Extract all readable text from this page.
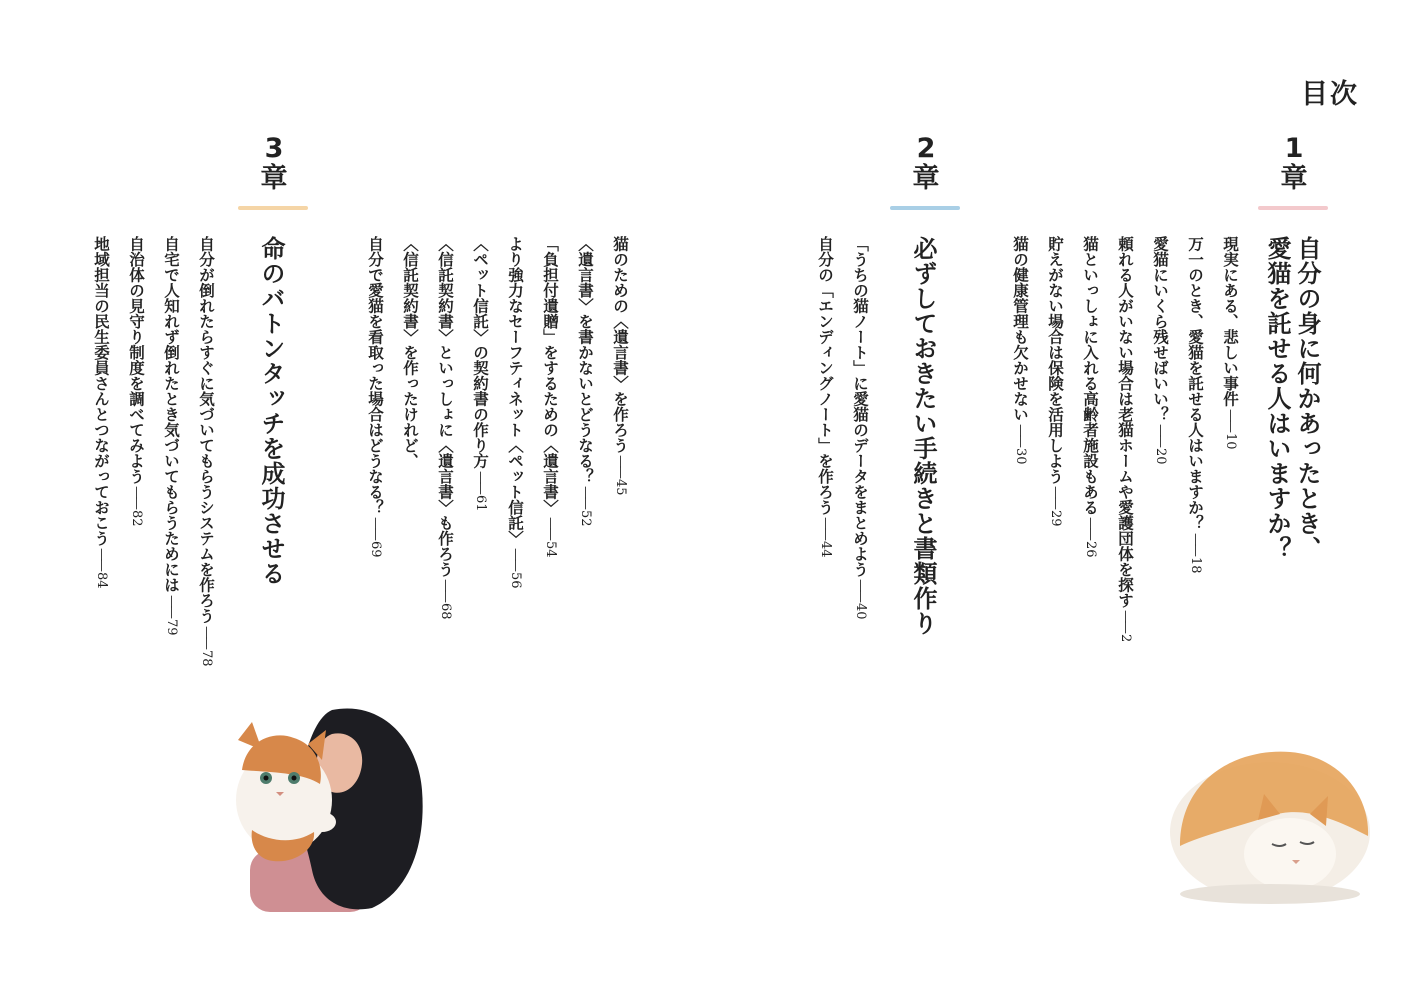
目次
1
章
自分の身に何かあったとき、
愛猫を託せる人はいますか？
現実にある、悲しい事件—— 10
万一のとき、愛猫を託せる人はいますか？—— 18
愛猫にいくら残せばいい？—— 20
頼れる人がいない場合は老猫ホームや愛護団体を探す—— 2
猫といっしょに入れる高齢者施設もある—— 26
貯えがない場合は保険を活用しよう—— 29
猫の健康管理も欠かせない—— 30
2
章
必ずしておきたい手続きと書類作り
「うちの猫ノート」に愛猫のデータをまとめよう—— 40
自分の「エンディングノート」を作ろう—— 44
猫のための〈遺言書〉を作ろう—— 45
〈遺言書〉を書かないとどうなる？—— 52
「負担付遺贈」をするための〈遺言書〉—— 54
より強力なセーフティネット〈ペット信託〉—— 56
〈ペット信託〉の契約書の作り方—— 61
〈信託契約書〉といっしょに〈遺言書〉も作ろう—— 68
〈信託契約書〉を作ったけれど、
自分で愛猫を看取った場合はどうなる？—— 69
3
章
命のバトンタッチを成功させる
自分が倒れたらすぐに気づいてもらうシステムを作ろう—— 78
自宅で人知れず倒れたとき気づいてもらうためには—— 79
自治体の見守り制度を調べてみよう—— 82
地域担当の民生委員さんとつながっておこう—— 84
